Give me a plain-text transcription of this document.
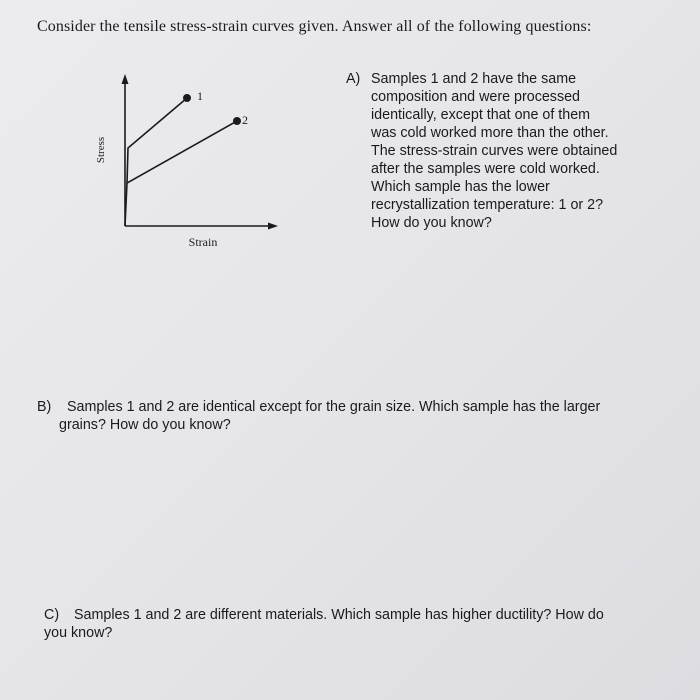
Consider the tensile stress-strain curves given. Answer all of the following questions:
1
2
Stress
Strain
A) Samples 1 and 2 have the same
composition and were processed
identically, except that one of them
was cold worked more than the other.
The stress-strain curves were obtained
after the samples were cold worked.
Which sample has the lower
recrystallization temperature: 1 or 2?
How do you know?
B) Samples 1 and 2 are identical except for the grain size. Which sample has the larger
grains? How do you know?
C) Samples 1 and 2 are different materials. Which sample has higher ductility? How do
you know?
